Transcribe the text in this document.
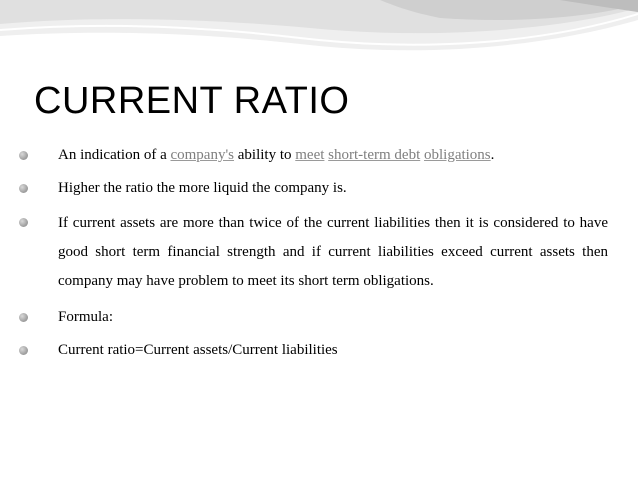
CURRENT RATIO
An indication of a company's ability to meet short-term debt obligations.
Higher the ratio the more liquid the company is.
If current assets are more than twice of the current liabilities then it is considered to have good short term financial strength and if current liabilities exceed current assets then company may have problem to meet its short term obligations.
Formula:
Current ratio=Current assets/Current liabilities
